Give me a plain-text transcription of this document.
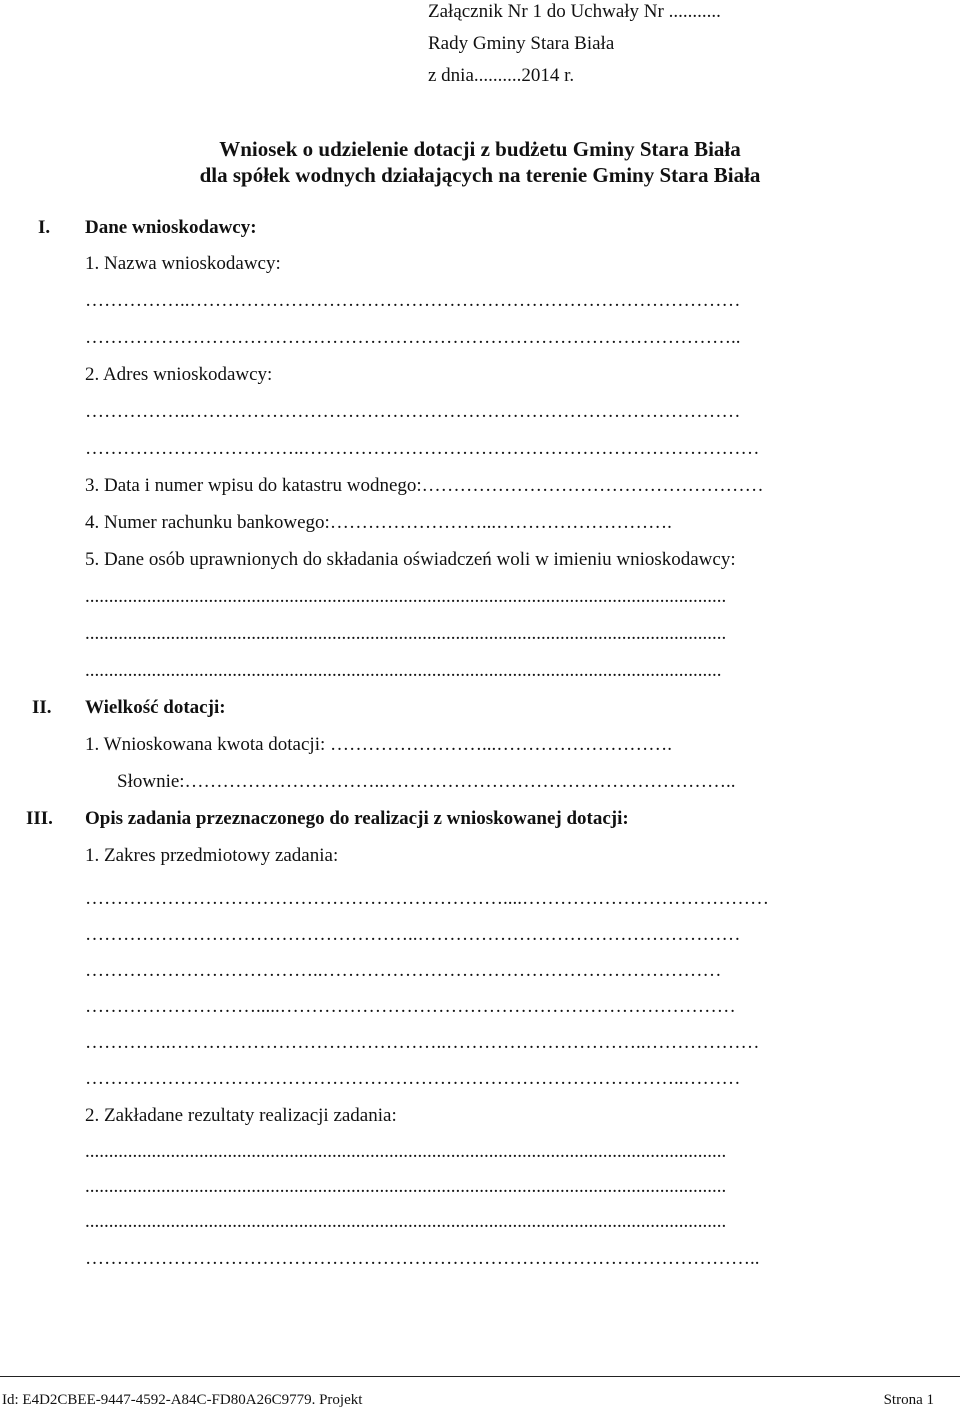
Załącznik Nr 1 do Uchwały Nr ...........
Rady Gminy Stara Biała
z dnia..........2014 r.
Wniosek o udzielenie dotacji z budżetu Gminy Stara Biała
dla spółek wodnych działających na terenie Gminy Stara Biała
I. Dane wnioskodawcy:
1. Nazwa wnioskodawcy:
……………..……………………………………………………………………………
…………………………………………………………………………………………..
2. Adres wnioskodawcy:
……………..……………………………………………………………………………
……………………………..………………………………………………………………
3. Data i numer wpisu do katastru wodnego:………………………………………………
4. Numer rachunku bankowego:……………………...……………………….
5. Dane osób uprawnionych do składania oświadczeń woli w imieniu wnioskodawcy:
.......................................................................................................................................
.......................................................................................................................................
......................................................................................................................................
II. Wielkość dotacji:
1. Wnioskowana kwota dotacji: ……………………...……………………….
Słownie:…………………………..………………………………………………..
III. Opis zadania przeznaczonego do realizacji z wnioskowanej dotacji:
1. Zakres przedmiotowy zadania:
…………………………………………………………....…………………………………
……………………………………………..……………………………………………
………………………………..………………………………………………………
……………………….....………………………………………………………………
…………..……………………………………..…………………………..………………
…………………………………………………………………………………..………
2. Zakładane rezultaty realizacji zadania:
.......................................................................................................................................
.......................................................................................................................................
.......................................................................................................................................
……………………………………………………………………………………………..
Id: E4D2CBEE-9447-4592-A84C-FD80A26C9779. Projekt	Strona 1
